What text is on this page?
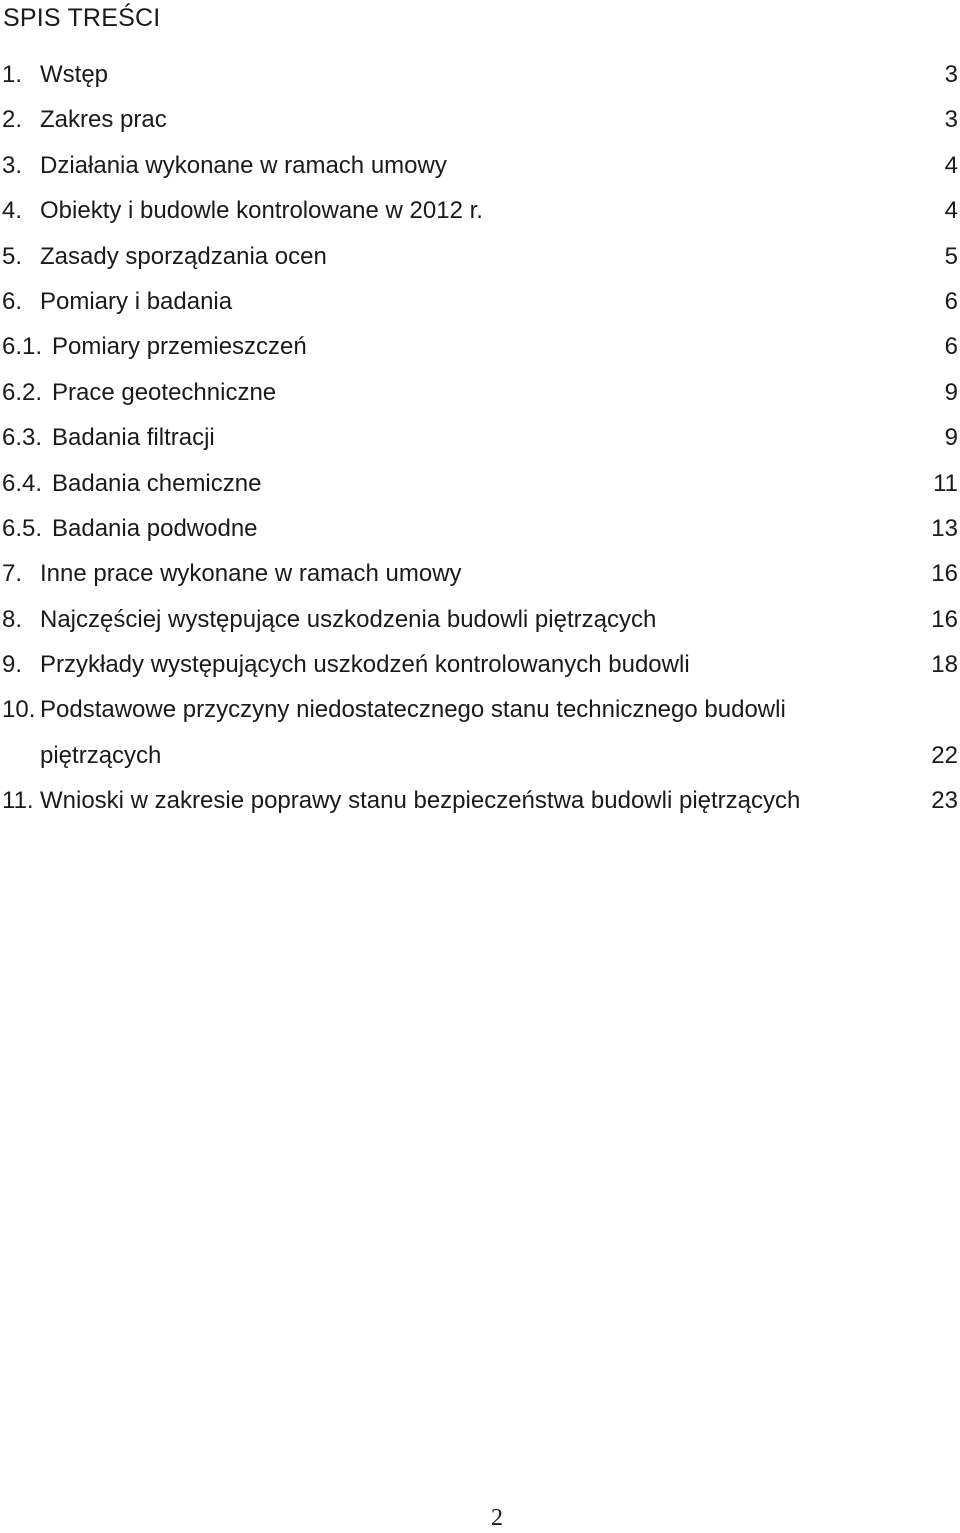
SPIS TREŚCI
1. Wstęp	3
2. Zakres prac	3
3. Działania wykonane w ramach umowy	4
4. Obiekty i budowle kontrolowane w 2012 r.	4
5. Zasady sporządzania ocen	5
6. Pomiary i badania	6
6.1. Pomiary przemieszczeń	6
6.2. Prace geotechniczne	9
6.3. Badania filtracji	9
6.4. Badania chemiczne	11
6.5. Badania podwodne	13
7. Inne prace wykonane w ramach umowy	16
8. Najczęściej występujące uszkodzenia budowli piętrzących	16
9. Przykłady występujących uszkodzeń kontrolowanych budowli	18
10. Podstawowe przyczyny niedostatecznego stanu technicznego budowli piętrzących	22
11. Wnioski w zakresie poprawy stanu bezpieczeństwa budowli piętrzących	23
2
